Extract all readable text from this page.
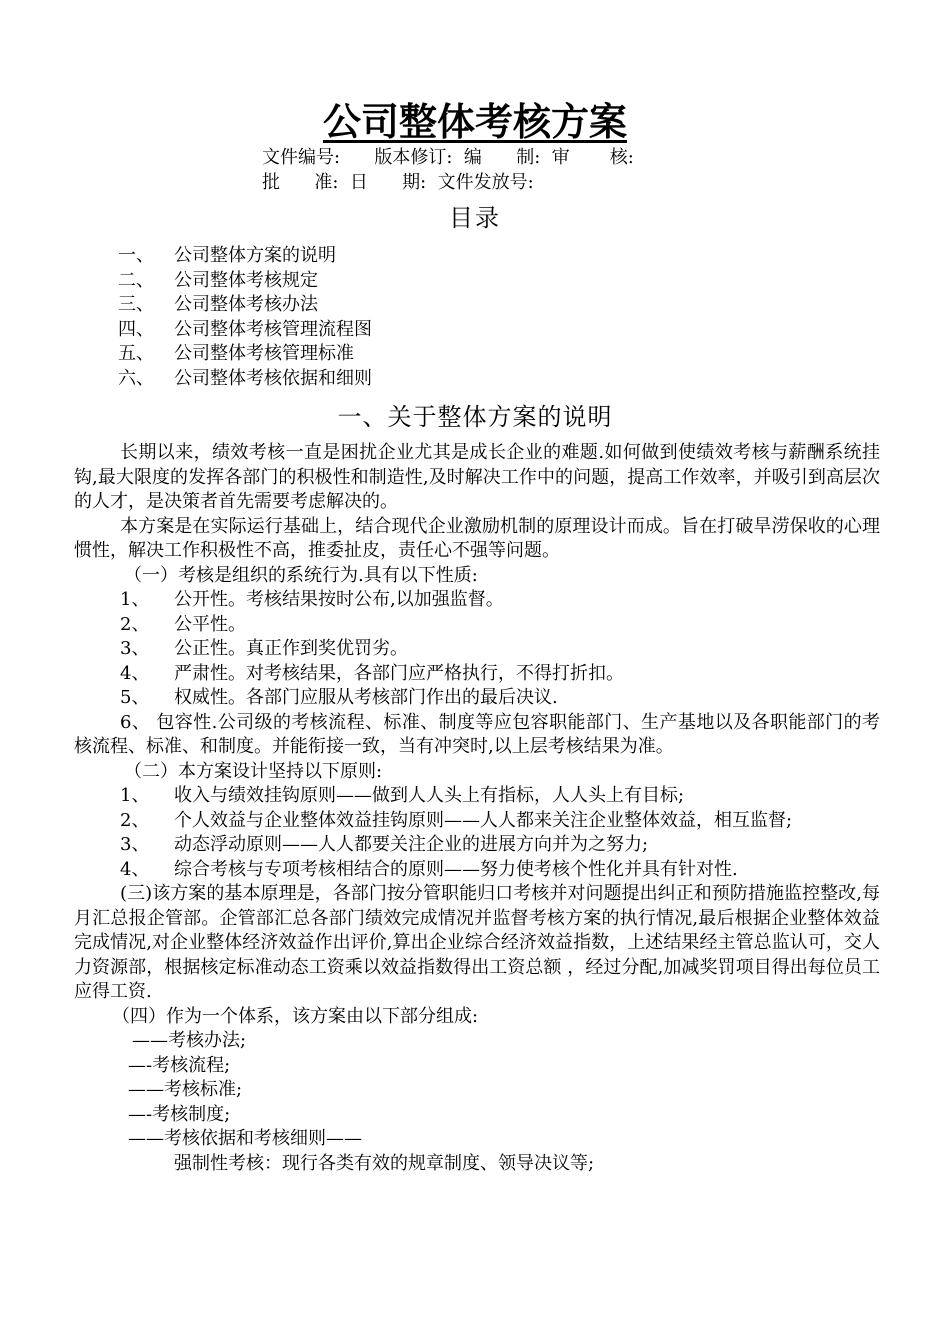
公司整体考核方案
文件编号:      版本修订:  编      制:  审       核:
批      准:  日      期:  文件发放号:
目录
一、	公司整体方案的说明
二、	公司整体考核规定
三、	公司整体考核办法
四、	公司整体考核管理流程图
五、	公司整体考核管理标准
六、	公司整体考核依据和细则
一、关于整体方案的说明

长期以来，绩效考核一直是困扰企业尤其是成长企业的难题.如何做到使绩效考核与薪酬系统挂钩,最大限度的发挥各部门的积极性和制造性,及时解决工作中的问题，提高工作效率，并吸引到高层次的人才，是决策者首先需要考虑解决的。

本方案是在实际运行基础上，结合现代企业激励机制的原理设计而成。旨在打破旱涝保收的心理惯性，解决工作积极性不高，推委扯皮，责任心不强等问题。

（一）考核是组织的系统行为.具有以下性质:

1、	公开性。考核结果按时公布,以加强监督。
2、	公平性。
3、	公正性。真正作到奖优罚劣。
4、	严肃性。对考核结果，各部门应严格执行，不得打折扣。
5、	权威性。各部门应服从考核部门作出的最后决议.

6、 包容性.公司级的考核流程、标准、制度等应包容职能部门、生产基地以及各职能部门的考核流程、标准、和制度。并能衔接一致，当有冲突时,以上层考核结果为准。

（二）本方案设计坚持以下原则:

1、	收入与绩效挂钩原则——做到人人头上有指标，人人头上有目标;
2、	个人效益与企业整体效益挂钩原则——人人都来关注企业整体效益，相互监督;
3、	动态浮动原则——人人都要关注企业的进展方向并为之努力;
4、	综合考核与专项考核相结合的原则——努力使考核个性化并具有针对性.

(三)该方案的基本原理是，各部门按分管职能归口考核并对问题提出纠正和预防措施监控整改,每月汇总报企管部。企管部汇总各部门绩效完成情况并监督考核方案的执行情况,最后根据企业整体效益完成情况,对企业整体经济效益作出评价,算出企业综合经济效益指数，上述结果经主管总监认可，交人力资源部，根据核定标准动态工资乘以效益指数得出工资总额 ，经过分配,加减奖罚项目得出每位员工应得工资.

（四）作为一个体系，该方案由以下部分组成:

——考核办法;

—-考核流程;

——考核标准;

—-考核制度;

——考核依据和考核细则——

强制性考核：现行各类有效的规章制度、领导决议等;
